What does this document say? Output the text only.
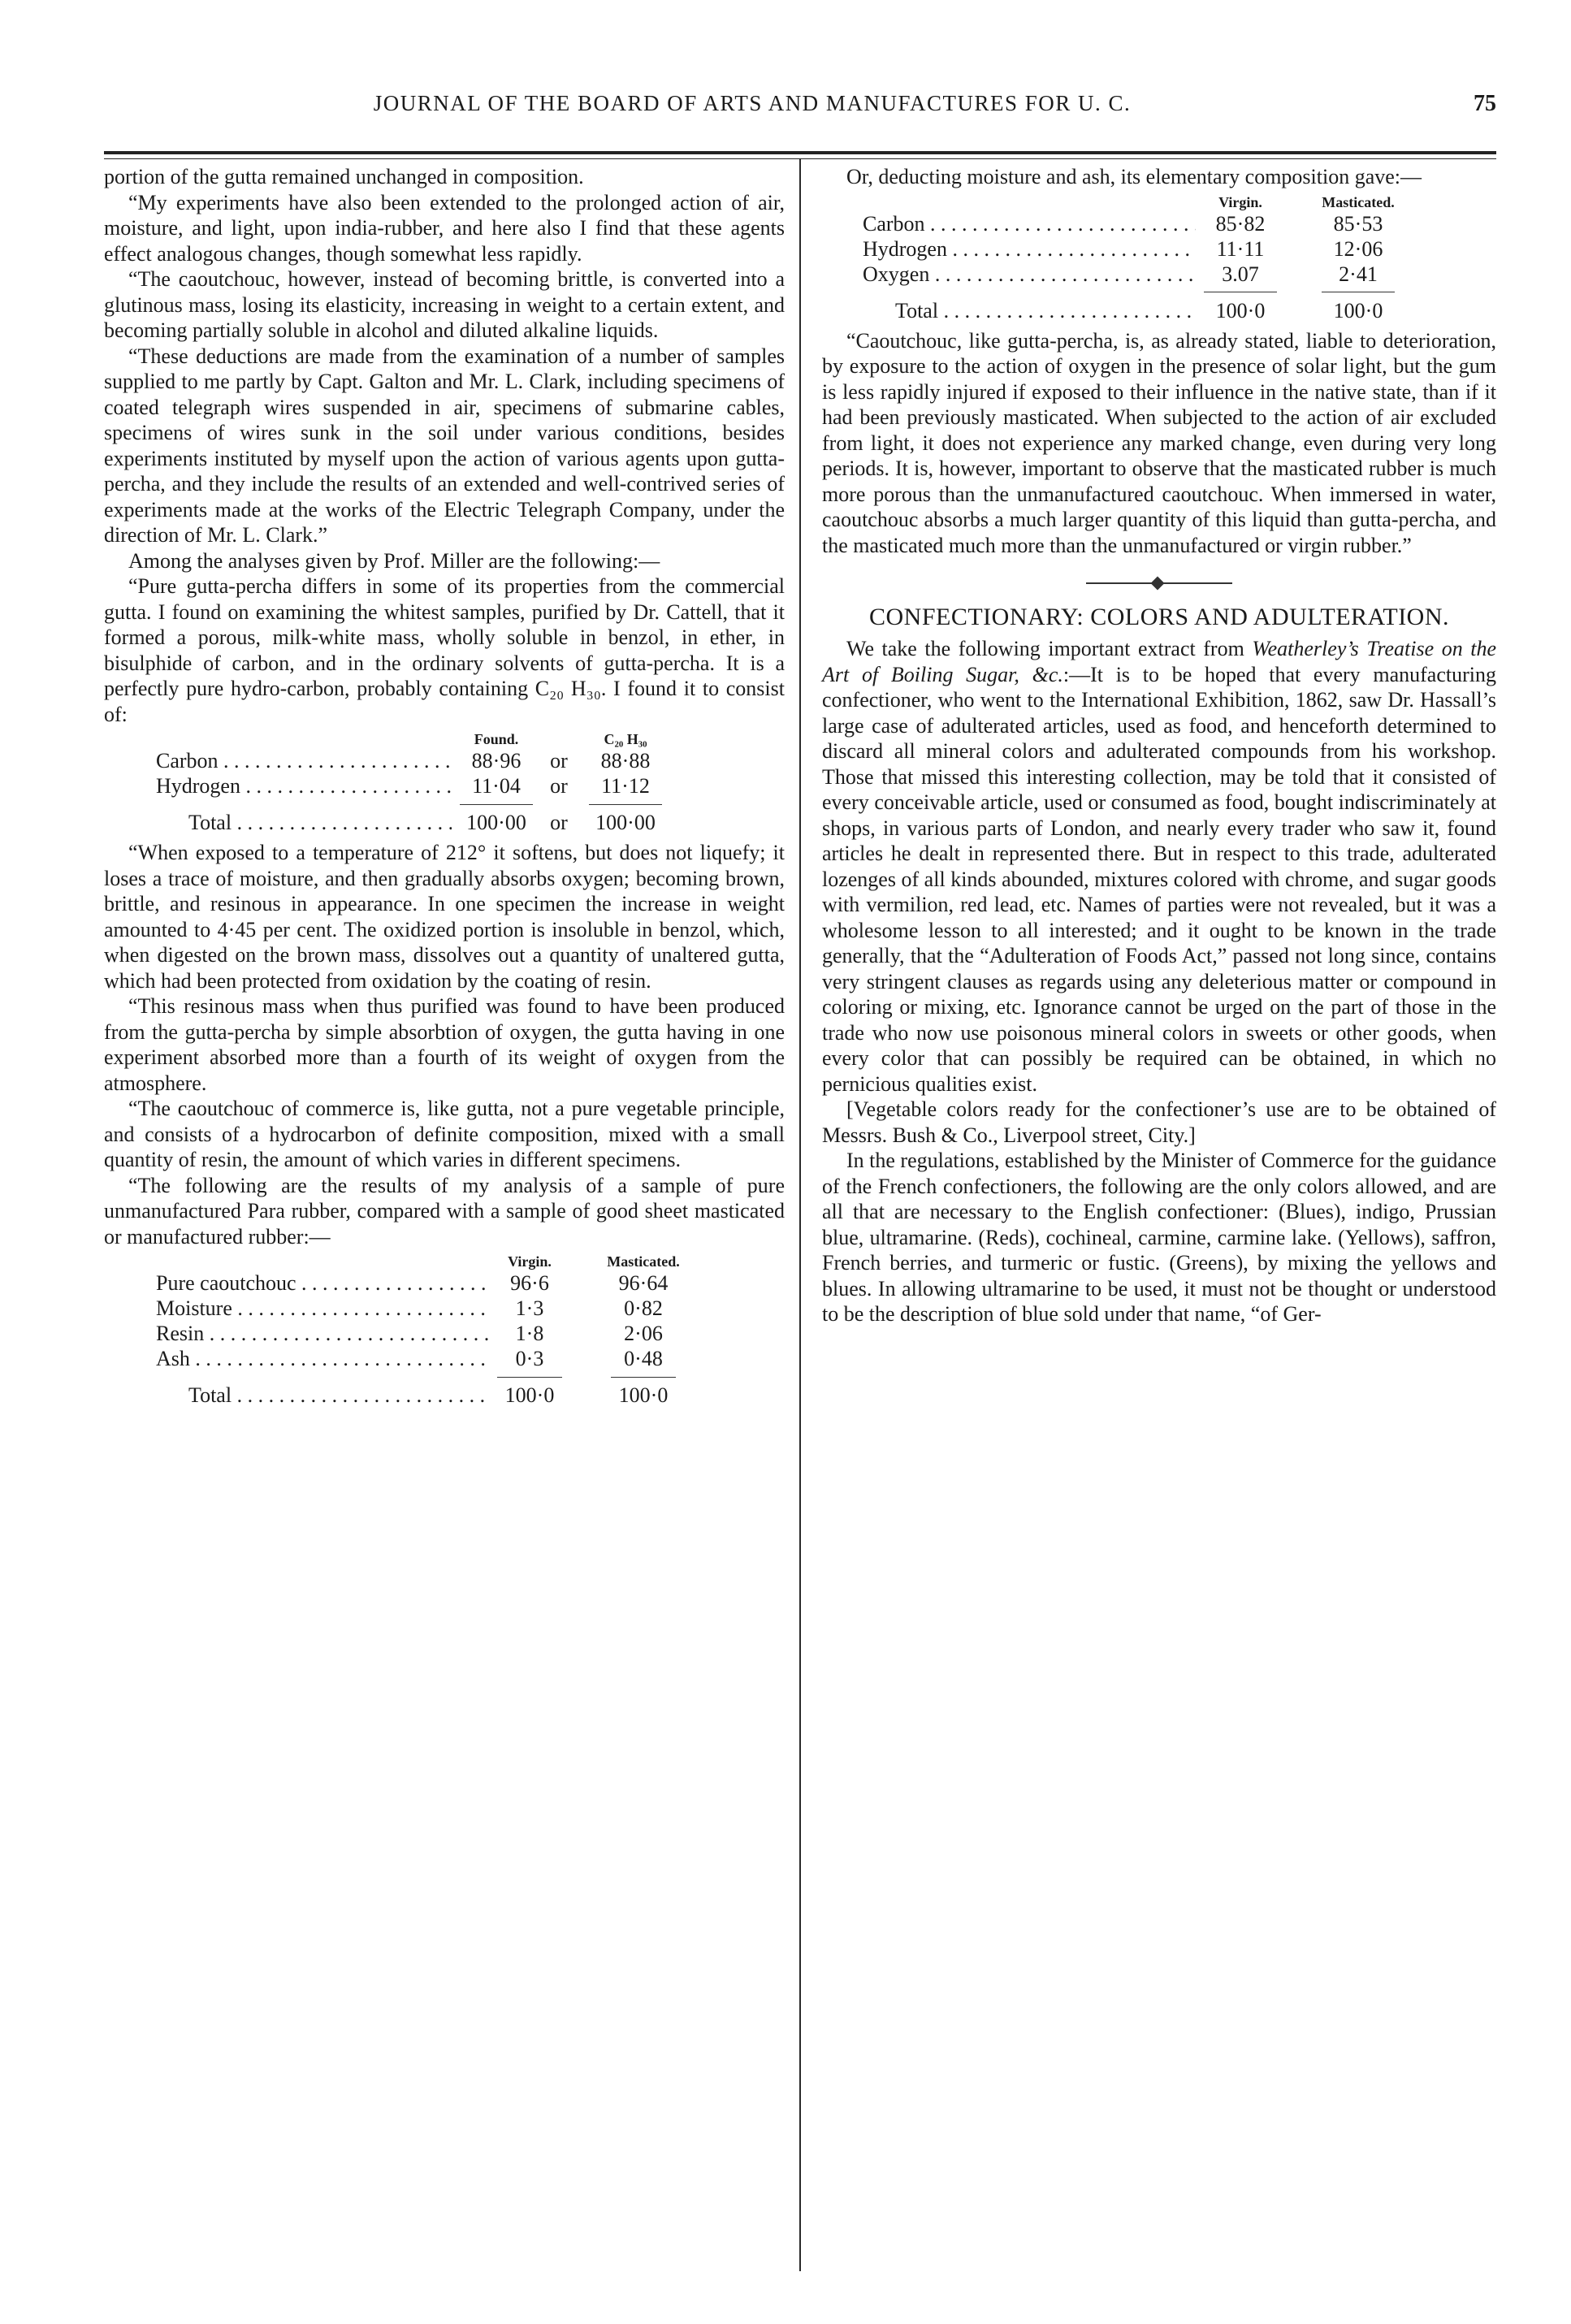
JOURNAL OF THE BOARD OF ARTS AND MANUFACTURES FOR U. C.	75

portion of the gutta remained unchanged in composition.

“My experiments have also been extended to the prolonged action of air, moisture, and light, upon india-rubber, and here also I find that these agents effect analogous changes, though somewhat less rapidly.

“The caoutchouc, however, instead of becoming brittle, is converted into a glutinous mass, losing its elasticity, increasing in weight to a certain extent, and becoming partially soluble in alcohol and diluted alkaline liquids.

“These deductions are made from the examination of a number of samples supplied to me partly by Capt. Galton and Mr. L. Clark, including specimens of coated telegraph wires suspended in air, specimens of submarine cables, specimens of wires sunk in the soil under various conditions, besides experiments instituted by myself upon the action of various agents upon gutta-percha, and they include the results of an extended and well-contrived series of experiments made at the works of the Electric Telegraph Company, under the direction of Mr. L. Clark.”

Among the analyses given by Prof. Miller are the following:—

“Pure gutta-percha differs in some of its properties from the commercial gutta. I found on examining the whitest samples, purified by Dr. Cattell, that it formed a porous, milk-white mass, wholly soluble in benzol, in ether, in bisulphide of carbon, and in the ordinary solvents of gutta-percha. It is a perfectly pure hydro-carbon, probably containing C₂₀ H₃₀. I found it to consist of:

Found.	C₂₀ H₃₀
Carbon . . .	88·96	or	88·88
Hydrogen . . .	11·04	or	11·12
Total . . .	100·00	or	100·00

“When exposed to a temperature of 212° it softens, but does not liquefy; it loses a trace of moisture, and then gradually absorbs oxygen; becoming brown, brittle, and resinous in appearance. In one specimen the increase in weight amounted to 4·45 per cent. The oxidized portion is insoluble in benzol, which, when digested on the brown mass, dissolves out a quantity of unaltered gutta, which had been protected from oxidation by the coating of resin.

“This resinous mass when thus purified was found to have been produced from the gutta-percha by simple absorbtion of oxygen, the gutta having in one experiment absorbed more than a fourth of its weight of oxygen from the atmosphere.

“The caoutchouc of commerce is, like gutta, not a pure vegetable principle, and consists of a hydrocarbon of definite composition, mixed with a small quantity of resin, the amount of which varies in different specimens.

“The following are the results of my analysis of a sample of pure unmanufactured Para rubber, compared with a sample of good sheet masticated or manufactured rubber:—

Virgin.	Masticated.
Pure caoutchouc . . .	96·6	96·64
Moisture . . .	1·3	0·82
Resin . . .	1·8	2·06
Ash . . .	0·3	0·48
Total . . .	100·0	100·0

Or, deducting moisture and ash, its elementary composition gave:—

Virgin.	Masticated.
Carbon . . .	85·82	85·53
Hydrogen . . .	11·11	12·06
Oxygen . . .	3.07	2·41
Total . . .	100·0	100·0

“Caoutchouc, like gutta-percha, is, as already stated, liable to deterioration, by exposure to the action of oxygen in the presence of solar light, but the gum is less rapidly injured if exposed to their influence in the native state, than if it had been previously masticated. When subjected to the action of air excluded from light, it does not experience any marked change, even during very long periods. It is, however, important to observe that the masticated rubber is much more porous than the unmanufactured caoutchouc. When immersed in water, caoutchouc absorbs a much larger quantity of this liquid than gutta-percha, and the masticated much more than the unmanufactured or virgin rubber.”

CONFECTIONARY: COLORS AND ADULTERATION.

We take the following important extract from Weatherley’s Treatise on the Art of Boiling Sugar, &c.:—It is to be hoped that every manufacturing confectioner, who went to the International Exhibition, 1862, saw Dr. Hassall’s large case of adulterated articles, used as food, and henceforth determined to discard all mineral colors and adulterated compounds from his workshop. Those that missed this interesting collection, may be told that it consisted of every conceivable article, used or consumed as food, bought indiscriminately at shops, in various parts of London, and nearly every trader who saw it, found articles he dealt in represented there. But in respect to this trade, adulterated lozenges of all kinds abounded, mixtures colored with chrome, and sugar goods with vermilion, red lead, etc. Names of parties were not revealed, but it was a wholesome lesson to all interested; and it ought to be known in the trade generally, that the “Adulteration of Foods Act,” passed not long since, contains very stringent clauses as regards using any deleterious matter or compound in coloring or mixing, etc. Ignorance cannot be urged on the part of those in the trade who now use poisonous mineral colors in sweets or other goods, when every color that can possibly be required can be obtained, in which no pernicious qualities exist.

[Vegetable colors ready for the confectioner’s use are to be obtained of Messrs. Bush & Co., Liverpool street, City.]

In the regulations, established by the Minister of Commerce for the guidance of the French confectioners, the following are the only colors allowed, and are all that are necessary to the English confectioner: (Blues), indigo, Prussian blue, ultramarine. (Reds), cochineal, carmine, carmine lake. (Yellows), saffron, French berries, and turmeric or fustic. (Greens), by mixing the yellows and blues. In allowing ultramarine to be used, it must not be thought or understood to be the description of blue sold under that name, “of Ger-
